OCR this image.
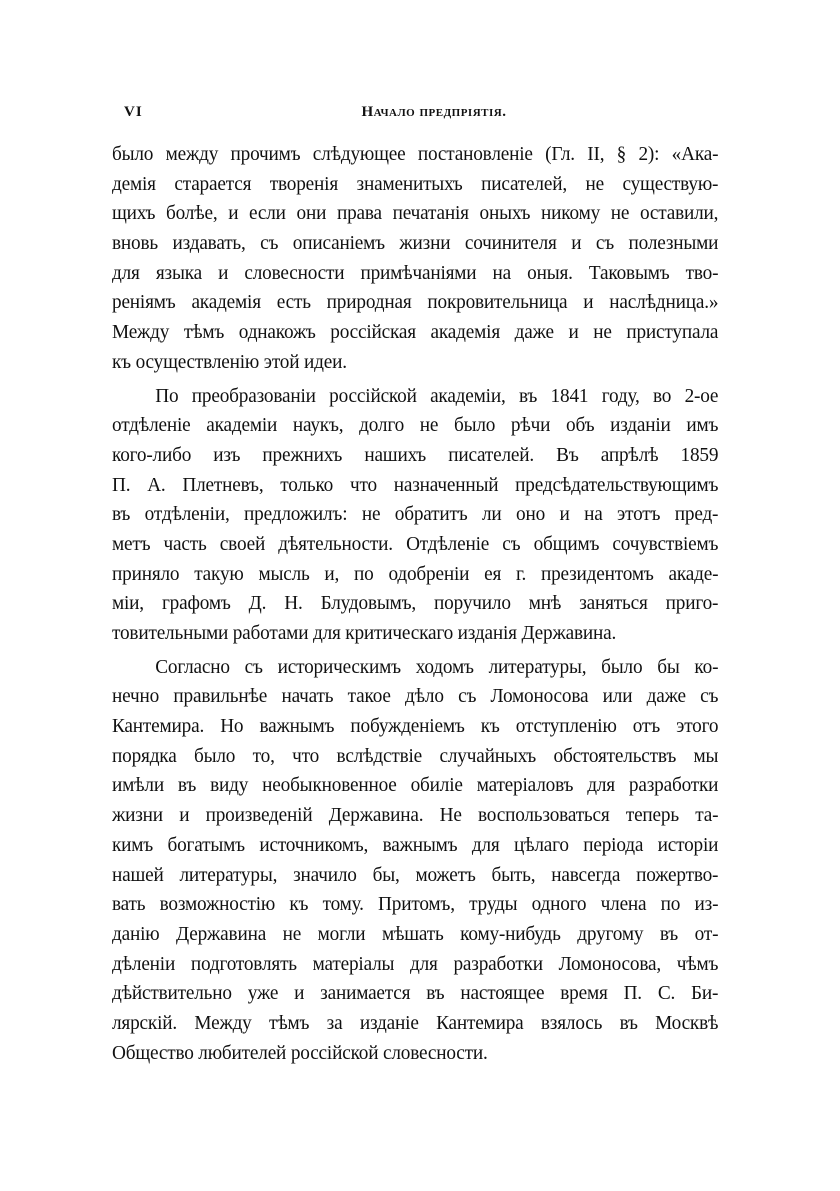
VI	Начало предпріятія.
было между прочимъ слѣдующее постановленіе (Гл. II, § 2): «Ака-
демія старается творенія знаменитыхъ писателей, не существую-
щихъ болѣе, и если они права печатанія оныхъ никому не оставили,
вновь издавать, съ описаніемъ жизни сочинителя и съ полезными
для языка и словесности примѣчаніями на оныя. Таковымъ тво-
реніямъ академія есть природная покровительница и наслѣдница.»
Между тѣмъ однакожъ россійская академія даже и не приступала
къ осуществленію этой идеи.
По преобразованіи россійской академіи, въ 1841 году, во 2-ое
отдѣленіе академіи наукъ, долго не было рѣчи объ изданіи имъ
кого-либо изъ прежнихъ нашихъ писателей. Въ апрѣлѣ 1859
П. А. Плетневъ, только что назначенный предсѣдательствующимъ
въ отдѣленіи, предложилъ: не обратитъ ли оно и на этотъ пред-
метъ часть своей дѣятельности. Отдѣленіе съ общимъ сочувствіемъ
приняло такую мысль и, по одобреніи ея г. президентомъ акаде-
міи, графомъ Д. Н. Блудовымъ, поручило мнѣ заняться приго-
товительными работами для критическаго изданія Державина.
Согласно съ историческимъ ходомъ литературы, было бы ко-
нечно правильнѣе начать такое дѣло съ Ломоносова или даже съ
Кантемира. Но важнымъ побужденіемъ къ отступленію отъ этого
порядка было то, что вслѣдствіе случайныхъ обстоятельствъ мы
имѣли въ виду необыкновенное обиліе матеріаловъ для разработки
жизни и произведеній Державина. Не воспользоваться теперь та-
кимъ богатымъ источникомъ, важнымъ для цѣлаго періода исторіи
нашей литературы, значило бы, можетъ быть, навсегда пожертво-
вать возможностію къ тому. Притомъ, труды одного члена по из-
данію Державина не могли мѣшать кому-нибудь другому въ от-
дѣленіи подготовлять матеріалы для разработки Ломоносова, чѣмъ
дѣйствительно уже и занимается въ настоящее время П. С. Би-
лярскій. Между тѣмъ за изданіе Кантемира взялось въ Москвѣ
Общество любителей россійской словесности.
